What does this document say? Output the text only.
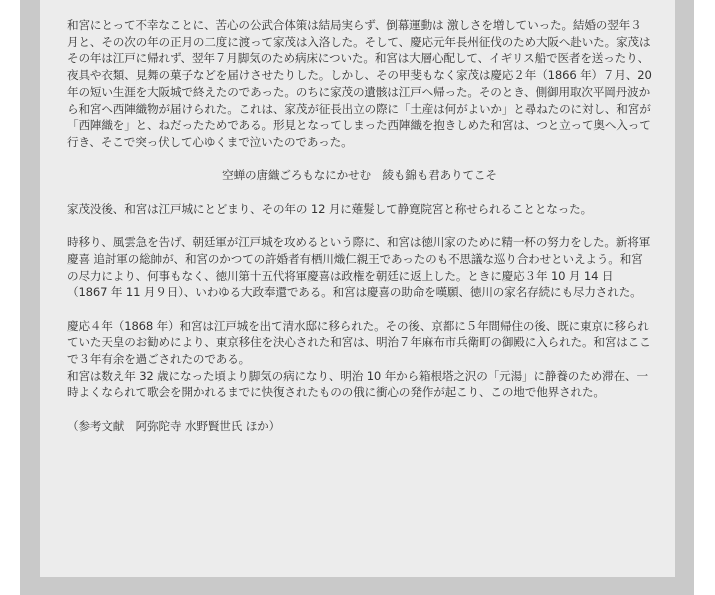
和宮にとって不幸なことに、苦心の公武合体策は結局実らず、倒幕運動は 激しさを増していった。結婚の翌年３月と、その次の年の正月の二度に渡って家茂は入洛した。そして、慶応元年長州征伐のため大阪へ赴いた。家茂はその年は江戸に帰れず、翌年７月脚気のため病床についた。和宮は大層心配して、イギリス船で医者を送ったり、夜具や衣類、見舞の菓子などを届けさせたりした。しかし、その甲斐もなく家茂は慶応２年（1866 年）７月、20 年の短い生涯を大阪城で終えたのであった。のちに家茂の遺骸は江戸へ帰った。そのとき、側御用取次平岡丹波から和宮へ西陣織物が届けられた。これは、家茂が征長出立の際に「土産は何がよいか」と尋ねたのに対し、和宮が「西陣織を」と、ねだったためである。形見となってしまった西陣織を抱きしめた和宮は、つと立って奥へ入って行き、そこで突っ伏して心ゆくまで泣いたのであった。

空蝉の唐織ごろもなにかせむ　綾も錦も君ありてこそ

家茂没後、和宮は江戸城にとどまり、その年の 12 月に薙髮して静寛院宮と称せられることとなった。

時移り、風雲急を告げ、朝廷軍が江戸城を攻めるという際に、和宮は徳川家のために精一杯の努力をした。新将軍慶喜 追討軍の総帥が、和宮のかつての許婚者有栖川熾仁親王であったのも不思議な巡り合わせといえよう。和宮の尽力により、何事もなく、徳川第十五代将軍慶喜は政権を朝廷に返上した。ときに慶応３年 10 月 14 日（1867 年 11 月９日）、いわゆる大政奉還である。和宮は慶喜の助命を嘆願、徳川の家名存続にも尽力された。

慶応４年（1868 年）和宮は江戸城を出て清水邸に移られた。その後、京都に５年間帰住の後、既に東京に移られていた天皇のお勧めにより、東京移住を決心された和宮は、明治７年麻布市兵衛町の御殿に入られた。和宮はここで３年有余を過ごされたのである。

和宮は数え年 32 歳になった頃より脚気の病になり、明治 10 年から箱根塔之沢の「元湯」に静養のため滞在、一時よくなられて歌会を開かれるまでに快復されたものの俄に衝心の発作が起こり、この地で他界された。

（参考文献　阿弥陀寺 水野賢世氏 ほか）
